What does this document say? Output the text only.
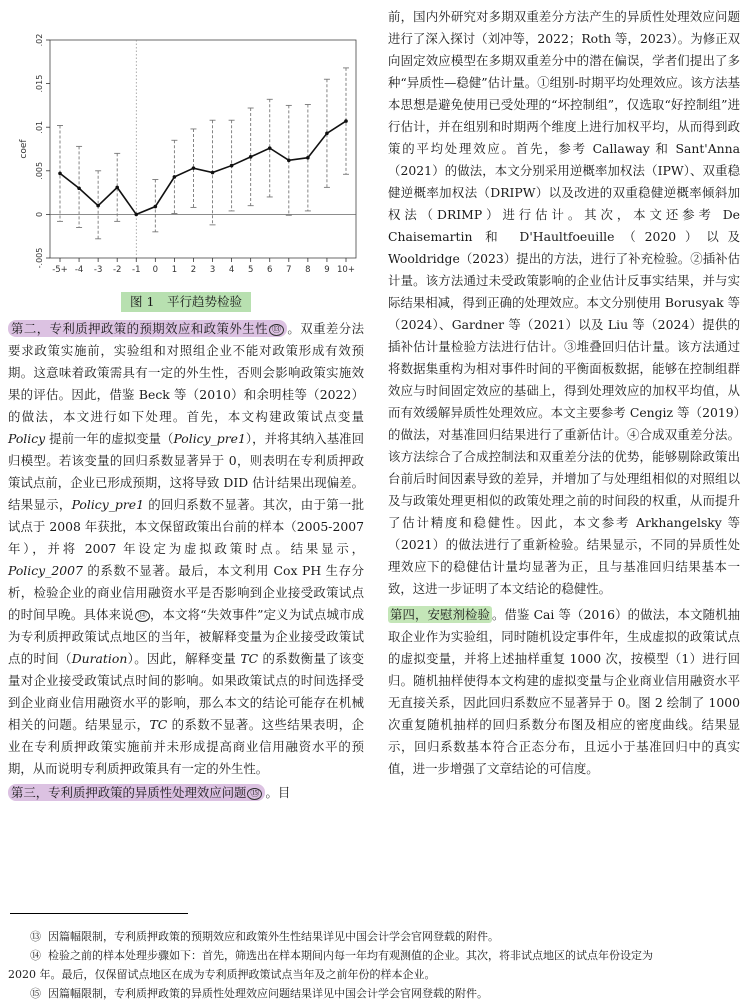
-.005
0
.005
.01
.015
.02
coef
-5+ -4 -3 -2 -1 0 1 2 3 4 5 6 7 8 9 10+
图 1　平行趋势检验

第二，专利质押政策的预期效应和政策外生性 ⑬ 。双重差分法要求政策实施前，实验组和对照组企业不能对政策形成有效预期。这意味着政策需具有一定的外生性，否则会影响政策实施效果的评估。因此，借鉴 Beck 等（2010）和余明桂等（2022）的做法，本文进行如下处理。首先，本文构建政策试点变量 Policy 提前一年的虚拟变量（Policy_pre1），并将其纳入基准回归模型。若该变量的回归系数显著异于 0，则表明在专利质押政策试点前，企业已形成预期，这将导致 DID 估计结果出现偏差。结果显示，Policy_pre1 的回归系数不显著。其次，由于第一批试点于 2008 年获批，本文保留政策出台前的样本（2005-2007 年），并将 2007 年设定为虚拟政策时点。结果显示，Policy_2007 的系数不显著。最后，本文利用 Cox PH 生存分析，检验企业的商业信用融资水平是否影响到企业接受政策试点的时间早晚。具体来说 ⑭ ，本文将“失效事件”定义为试点城市成为专利质押政策试点地区的当年，被解释变量为企业接受政策试点的时间（Duration）。因此，解释变量 TC 的系数衡量了该变量对企业接受政策试点时间的影响。如果政策试点的时间选择受到企业商业信用融资水平的影响，那么本文的结论可能存在机械相关的问题。结果显示，TC 的系数不显著。这些结果表明，企业在专利质押政策实施前并未形成提高商业信用融资水平的预期，从而说明专利质押政策具有一定的外生性。

第三，专利质押政策的异质性处理效应问题 ⑮ 。目

前，国内外研究对多期双重差分方法产生的异质性处理效应问题进行了深入探讨（刘冲等，2022；Roth 等，2023）。为修正双向固定效应模型在多期双重差分中的潜在偏误，学者们提出了多种“异质性—稳健”估计量。①组别-时期平均处理效应。该方法基本思想是避免使用已受处理的“坏控制组”，仅选取“好控制组”进行估计，并在组别和时期两个维度上进行加权平均，从而得到政策的平均处理效应。首先，参考 Callaway 和 Sant'Anna（2021）的做法，本文分别采用逆概率加权法（IPW）、双重稳健逆概率加权法（DRIPW）以及改进的双重稳健逆概率倾斜加权法（DRIMP）进行估计。其次，本文还参考 De Chaisemartin 和 D'Haultfoeuille（2020）以及 Wooldridge（2023）提出的方法，进行了补充检验。②插补估计量。该方法通过未受政策影响的企业估计反事实结果，并与实际结果相减，得到正确的处理效应。本文分别使用 Borusyak 等（2024）、Gardner 等（2021）以及 Liu 等（2024）提供的插补估计量检验方法进行估计。③堆叠回归估计量。该方法通过将数据集重构为相对事件时间的平衡面板数据，能够在控制组群效应与时间固定效应的基础上，得到处理效应的加权平均值，从而有效缓解异质性处理效应。本文主要参考 Cengiz 等（2019）的做法，对基准回归结果进行了重新估计。④合成双重差分法。该方法综合了合成控制法和双重差分法的优势，能够剔除政策出台前后时间因素导致的差异，并增加了与处理组相似的对照组以及与政策处理更相似的政策处理之前的时间段的权重，从而提升了估计精度和稳健性。因此，本文参考 Arkhangelsky 等（2021）的做法进行了重新检验。结果显示，不同的异质性处理效应下的稳健估计量均显著为正，且与基准回归结果基本一致，这进一步证明了本文结论的稳健性。

第四，安慰剂检验 。借鉴 Cai 等（2016）的做法，本文随机抽取企业作为实验组，同时随机设定事件年，生成虚拟的政策试点的虚拟变量，并将上述抽样重复 1000 次，按模型（1）进行回归。随机抽样使得本文构建的虚拟变量与企业商业信用融资水平无直接关系，因此回归系数应不显著异于 0。图 2 绘制了 1000 次重复随机抽样的回归系数分布图及相应的密度曲线。结果显示，回归系数基本符合正态分布，且远小于基准回归中的真实值，进一步增强了文章结论的可信度。

⑬ 因篇幅限制，专利质押政策的预期效应和政策外生性结果详见中国会计学会官网登载的附件。

⑭ 检验之前的样本处理步骤如下：首先，筛选出在样本期间内每一年均有观测值的企业。其次，将非试点地区的试点年份设定为

2020 年。最后，仅保留试点地区在成为专利质押政策试点当年及之前年份的样本企业。

⑮ 因篇幅限制，专利质押政策的异质性处理效应问题结果详见中国会计学会官网登载的附件。
